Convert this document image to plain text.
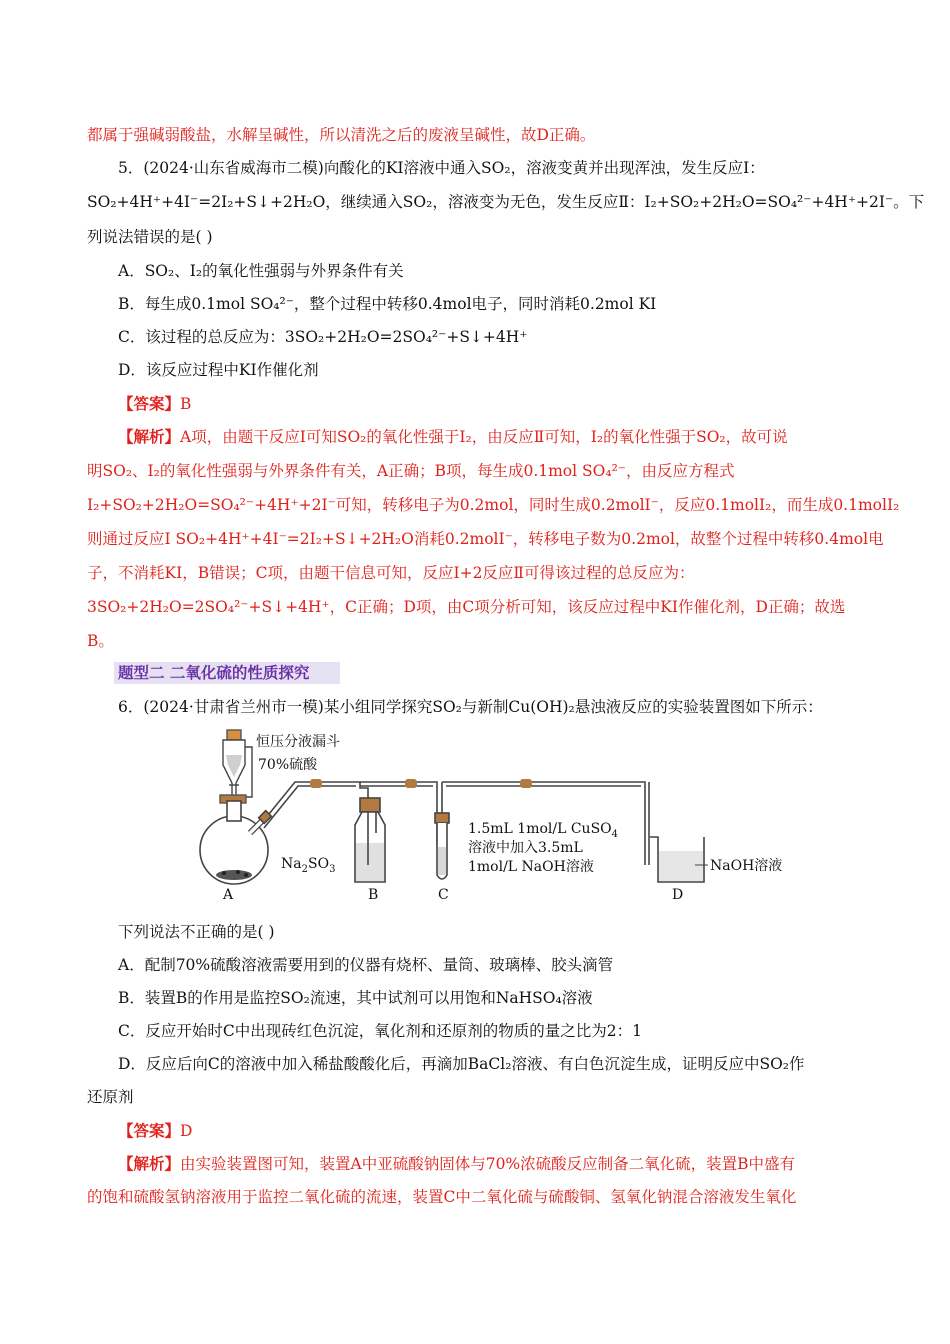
都属于强碱弱酸盐，水解呈碱性，所以清洗之后的废液呈碱性，故D正确。
5．(2024·山东省威海市二模)向酸化的KI溶液中通入SO₂，溶液变黄并出现浑浊，发生反应Ⅰ：
SO₂+4H⁺+4I⁻=2I₂+S↓+2H₂O，继续通入SO₂，溶液变为无色，发生反应Ⅱ：I₂+SO₂+2H₂O=SO₄²⁻+4H⁺+2I⁻。下
列说法错误的是( )
A．SO₂、I₂的氧化性强弱与外界条件有关
B．每生成0.1mol SO₄²⁻，整个过程中转移0.4mol电子，同时消耗0.2mol KI
C．该过程的总反应为：3SO₂+2H₂O=2SO₄²⁻+S↓+4H⁺
D．该反应过程中KI作催化剂
【答案】B
【解析】A项，由题干反应I可知SO₂的氧化性强于I₂，由反应Ⅱ可知，I₂的氧化性强于SO₂，故可说
明SO₂、I₂的氧化性强弱与外界条件有关，A正确；B项，每生成0.1mol SO₄²⁻，由反应方程式
I₂+SO₂+2H₂O=SO₄²⁻+4H⁺+2I⁻可知，转移电子为0.2mol，同时生成0.2molI⁻，反应0.1molI₂，而生成0.1molI₂
则通过反应I SO₂+4H⁺+4I⁻=2I₂+S↓+2H₂O消耗0.2molI⁻，转移电子数为0.2mol，故整个过程中转移0.4mol电
子，不消耗KI，B错误；C项，由题干信息可知，反应I+2反应Ⅱ可得该过程的总反应为：
3SO₂+2H₂O=2SO₄²⁻+S↓+4H⁺，C正确；D项，由C项分析可知，该反应过程中KI作催化剂，D正确；故选
B。
题型二 二氧化硫的性质探究
6．(2024·甘肃省兰州市一模)某小组同学探究SO₂与新制Cu(OH)₂悬浊液反应的实验装置图如下所示：
恒压分液漏斗
70%硫酸
$Na_2SO_3$
1.5mL 1mol/L CuSO$_4$
溶液中加入3.5mL
1mol/L NaOH溶液	NaOH溶液
A	B	C	D
下列说法不正确的是( )
A．配制70%硫酸溶液需要用到的仪器有烧杯、量筒、玻璃棒、胶头滴管
B．装置B的作用是监控SO₂流速，其中试剂可以用饱和NaHSO₄溶液
C．反应开始时C中出现砖红色沉淀，氧化剂和还原剂的物质的量之比为2：1
D．反应后向C的溶液中加入稀盐酸酸化后，再滴加BaCl₂溶液、有白色沉淀生成，证明反应中SO₂作
还原剂
【答案】D
【解析】由实验装置图可知，装置A中亚硫酸钠固体与70%浓硫酸反应制备二氧化硫，装置B中盛有
的饱和硫酸氢钠溶液用于监控二氧化硫的流速，装置C中二氧化硫与硫酸铜、氢氧化钠混合溶液发生氧化
